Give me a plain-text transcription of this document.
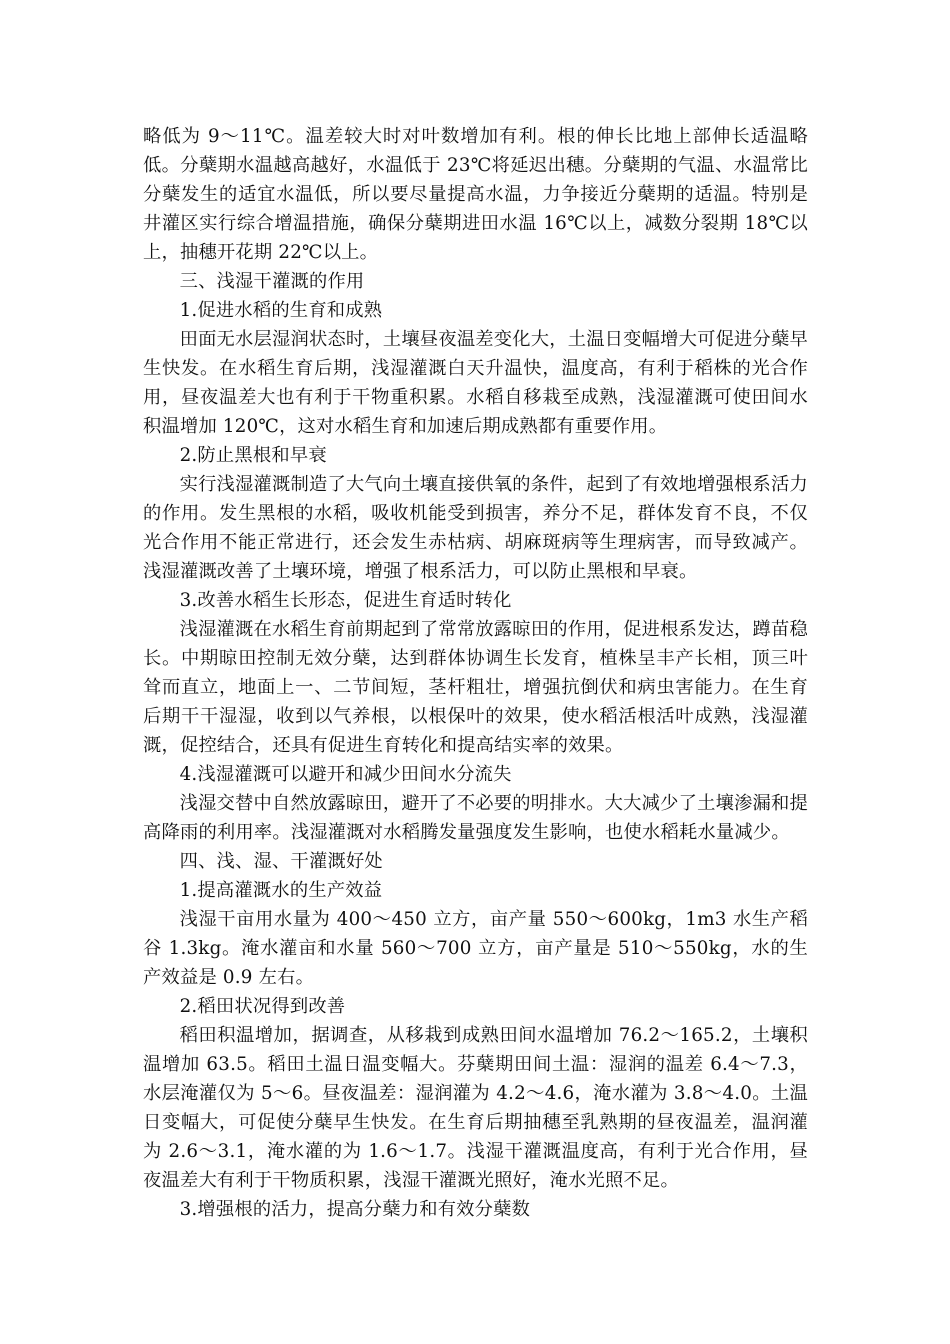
略低为 9～11℃。温差较大时对叶数增加有利。根的伸长比地上部伸长适温略低。分蘖期水温越高越好，水温低于 23℃将延迟出穗。分蘖期的气温、水温常比分蘖发生的适宜水温低，所以要尽量提高水温，力争接近分蘖期的适温。特别是井灌区实行综合增温措施，确保分蘖期进田水温 16℃以上，减数分裂期 18℃以上，抽穗开花期 22℃以上。

三、浅湿干灌溉的作用

1.促进水稻的生育和成熟

田面无水层湿润状态时，土壤昼夜温差变化大，土温日变幅增大可促进分蘖早生快发。在水稻生育后期，浅湿灌溉白天升温快，温度高，有利于稻株的光合作用，昼夜温差大也有利于干物重积累。水稻自移栽至成熟，浅湿灌溉可使田间水积温增加 120℃，这对水稻生育和加速后期成熟都有重要作用。

2.防止黑根和早衰

实行浅湿灌溉制造了大气向土壤直接供氧的条件，起到了有效地增强根系活力的作用。发生黑根的水稻，吸收机能受到损害，养分不足，群体发育不良，不仅光合作用不能正常进行，还会发生赤枯病、胡麻斑病等生理病害，而导致减产。浅湿灌溉改善了土壤环境，增强了根系活力，可以防止黑根和早衰。

3.改善水稻生长形态，促进生育适时转化

浅湿灌溉在水稻生育前期起到了常常放露晾田的作用，促进根系发达，蹲苗稳长。中期晾田控制无效分蘖，达到群体协调生长发育，植株呈丰产长相，顶三叶耸而直立，地面上一、二节间短，茎杆粗壮，增强抗倒伏和病虫害能力。在生育后期干干湿湿，收到以气养根，以根保叶的效果，使水稻活根活叶成熟，浅湿灌溉，促控结合，还具有促进生育转化和提高结实率的效果。

4.浅湿灌溉可以避开和减少田间水分流失

浅湿交替中自然放露晾田，避开了不必要的明排水。大大减少了土壤渗漏和提高降雨的利用率。浅湿灌溉对水稻腾发量强度发生影响，也使水稻耗水量减少。

四、浅、湿、干灌溉好处

1.提高灌溉水的生产效益

浅湿干亩用水量为 400～450 立方，亩产量 550～600kg，1m3 水生产稻谷 1.3kg。淹水灌亩和水量 560～700 立方，亩产量是 510～550kg，水的生产效益是 0.9 左右。

2.稻田状况得到改善

稻田积温增加，据调查，从移栽到成熟田间水温增加 76.2～165.2，土壤积温增加 63.5。稻田土温日温变幅大。芬蘖期田间土温：湿润的温差 6.4～7.3，水层淹灌仅为 5～6。昼夜温差：湿润灌为 4.2～4.6，淹水灌为 3.8～4.0。土温日变幅大，可促使分蘖早生快发。在生育后期抽穗至乳熟期的昼夜温差，温润灌为 2.6～3.1，淹水灌的为 1.6～1.7。浅湿干灌溉温度高，有利于光合作用，昼夜温差大有利于干物质积累，浅湿干灌溉光照好，淹水光照不足。

3.增强根的活力，提高分蘖力和有效分蘖数
